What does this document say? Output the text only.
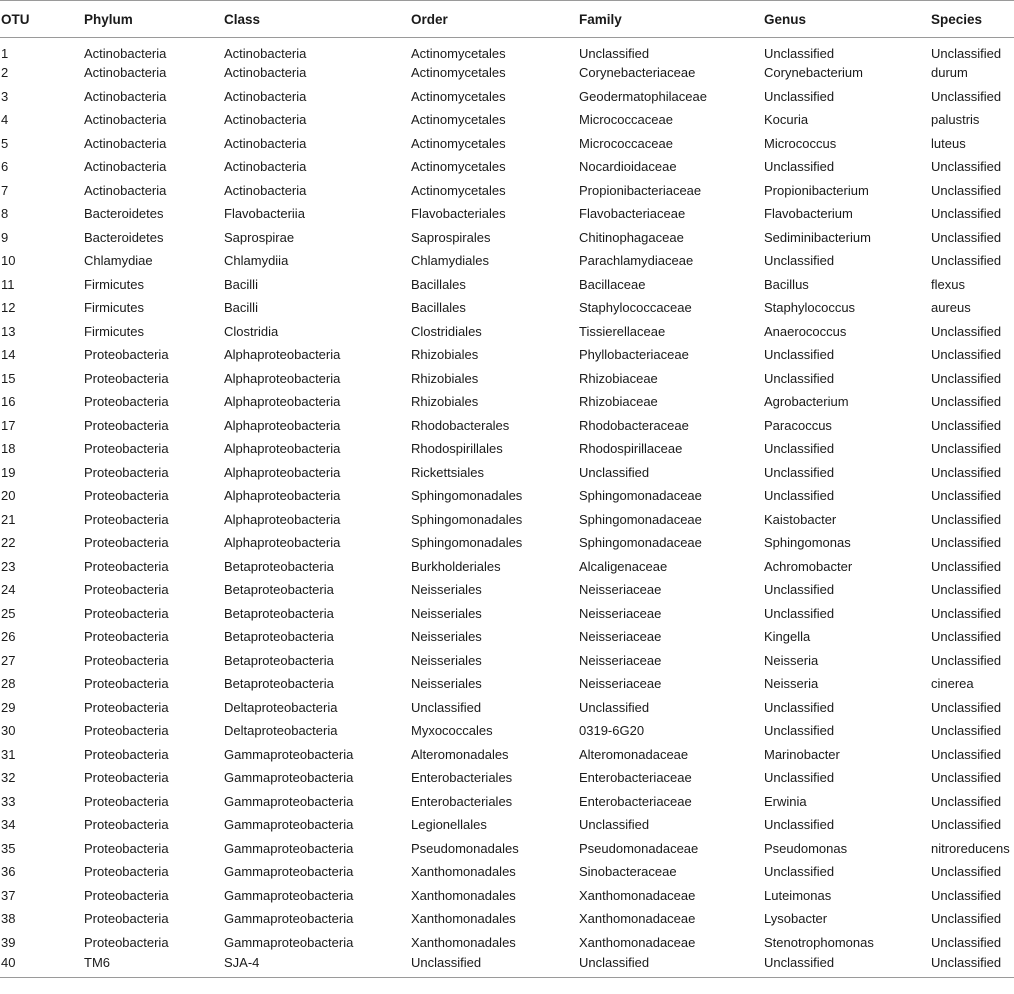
OTU	Phylum	Class	Order	Family	Genus	Species
1	Actinobacteria	Actinobacteria	Actinomycetales	Unclassified	Unclassified	Unclassified
2	Actinobacteria	Actinobacteria	Actinomycetales	Corynebacteriaceae	Corynebacterium	durum
3	Actinobacteria	Actinobacteria	Actinomycetales	Geodermatophilaceae	Unclassified	Unclassified
4	Actinobacteria	Actinobacteria	Actinomycetales	Micrococcaceae	Kocuria	palustris
5	Actinobacteria	Actinobacteria	Actinomycetales	Micrococcaceae	Micrococcus	luteus
6	Actinobacteria	Actinobacteria	Actinomycetales	Nocardioidaceae	Unclassified	Unclassified
7	Actinobacteria	Actinobacteria	Actinomycetales	Propionibacteriaceae	Propionibacterium	Unclassified
8	Bacteroidetes	Flavobacteriia	Flavobacteriales	Flavobacteriaceae	Flavobacterium	Unclassified
9	Bacteroidetes	Saprospirae	Saprospirales	Chitinophagaceae	Sediminibacterium	Unclassified
10	Chlamydiae	Chlamydiia	Chlamydiales	Parachlamydiaceae	Unclassified	Unclassified
11	Firmicutes	Bacilli	Bacillales	Bacillaceae	Bacillus	flexus
12	Firmicutes	Bacilli	Bacillales	Staphylococcaceae	Staphylococcus	aureus
13	Firmicutes	Clostridia	Clostridiales	Tissierellaceae	Anaerococcus	Unclassified
14	Proteobacteria	Alphaproteobacteria	Rhizobiales	Phyllobacteriaceae	Unclassified	Unclassified
15	Proteobacteria	Alphaproteobacteria	Rhizobiales	Rhizobiaceae	Unclassified	Unclassified
16	Proteobacteria	Alphaproteobacteria	Rhizobiales	Rhizobiaceae	Agrobacterium	Unclassified
17	Proteobacteria	Alphaproteobacteria	Rhodobacterales	Rhodobacteraceae	Paracoccus	Unclassified
18	Proteobacteria	Alphaproteobacteria	Rhodospirillales	Rhodospirillaceae	Unclassified	Unclassified
19	Proteobacteria	Alphaproteobacteria	Rickettsiales	Unclassified	Unclassified	Unclassified
20	Proteobacteria	Alphaproteobacteria	Sphingomonadales	Sphingomonadaceae	Unclassified	Unclassified
21	Proteobacteria	Alphaproteobacteria	Sphingomonadales	Sphingomonadaceae	Kaistobacter	Unclassified
22	Proteobacteria	Alphaproteobacteria	Sphingomonadales	Sphingomonadaceae	Sphingomonas	Unclassified
23	Proteobacteria	Betaproteobacteria	Burkholderiales	Alcaligenaceae	Achromobacter	Unclassified
24	Proteobacteria	Betaproteobacteria	Neisseriales	Neisseriaceae	Unclassified	Unclassified
25	Proteobacteria	Betaproteobacteria	Neisseriales	Neisseriaceae	Unclassified	Unclassified
26	Proteobacteria	Betaproteobacteria	Neisseriales	Neisseriaceae	Kingella	Unclassified
27	Proteobacteria	Betaproteobacteria	Neisseriales	Neisseriaceae	Neisseria	Unclassified
28	Proteobacteria	Betaproteobacteria	Neisseriales	Neisseriaceae	Neisseria	cinerea
29	Proteobacteria	Deltaproteobacteria	Unclassified	Unclassified	Unclassified	Unclassified
30	Proteobacteria	Deltaproteobacteria	Myxococcales	0319-6G20	Unclassified	Unclassified
31	Proteobacteria	Gammaproteobacteria	Alteromonadales	Alteromonadaceae	Marinobacter	Unclassified
32	Proteobacteria	Gammaproteobacteria	Enterobacteriales	Enterobacteriaceae	Unclassified	Unclassified
33	Proteobacteria	Gammaproteobacteria	Enterobacteriales	Enterobacteriaceae	Erwinia	Unclassified
34	Proteobacteria	Gammaproteobacteria	Legionellales	Unclassified	Unclassified	Unclassified
35	Proteobacteria	Gammaproteobacteria	Pseudomonadales	Pseudomonadaceae	Pseudomonas	nitroreducens
36	Proteobacteria	Gammaproteobacteria	Xanthomonadales	Sinobacteraceae	Unclassified	Unclassified
37	Proteobacteria	Gammaproteobacteria	Xanthomonadales	Xanthomonadaceae	Luteimonas	Unclassified
38	Proteobacteria	Gammaproteobacteria	Xanthomonadales	Xanthomonadaceae	Lysobacter	Unclassified
39	Proteobacteria	Gammaproteobacteria	Xanthomonadales	Xanthomonadaceae	Stenotrophomonas	Unclassified
40	TM6	SJA-4	Unclassified	Unclassified	Unclassified	Unclassified
